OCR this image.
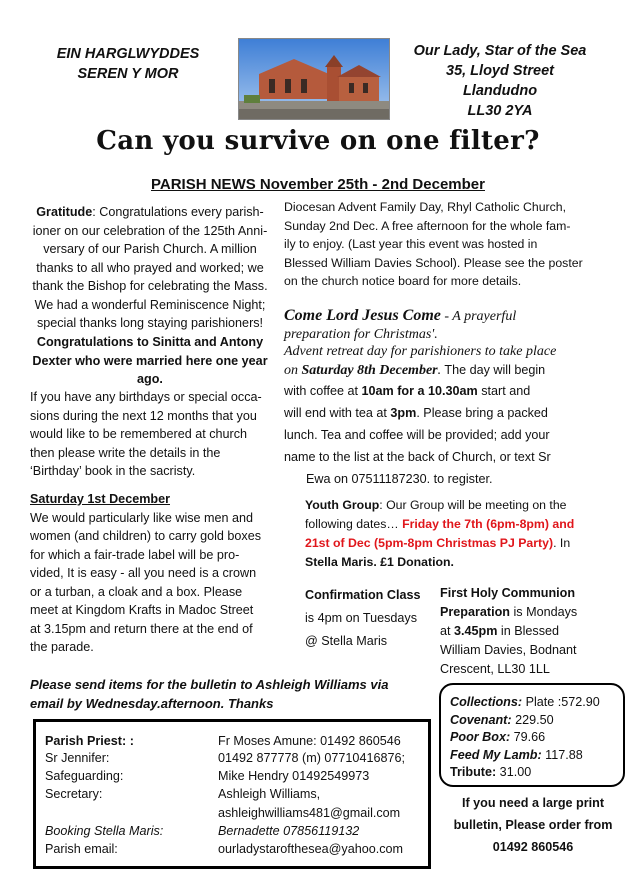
EIN HARGLWYDDES
SEREN Y MOR
Our Lady, Star of the Sea
35, Lloyd Street
Llandudno
LL30 2YA
Can you survive on one filter?
PARISH NEWS November 25th - 2nd December
Gratitude: Congratulations every parish-
ioner on our celebration of the 125th Anni-
versary of our Parish Church. A million
thanks to all who prayed and worked; we
thank the Bishop for celebrating the Mass.
We had a wonderful Reminiscence Night;
special thanks long staying parishioners!
Congratulations to Sinitta and Antony
Dexter who were married here one year
ago.
If you have any birthdays or special occa-
sions during the next 12 months that you
would like to be remembered at church
then please write the details in the
‘Birthday’ book in the sacristy.
Saturday 1st December
We would particularly like wise men and
women (and children) to carry gold boxes
for which a fair-trade label will be pro-
vided, It is easy - all you need is a crown
or a turban, a cloak and a box. Please
meet at Kingdom Krafts in Madoc Street
at 3.15pm and return there at the end of
the parade.
Diocesan Advent Family Day, Rhyl Catholic Church,
Sunday 2nd Dec. A free afternoon for the whole fam-
ily to enjoy. (Last year this event was hosted in
Blessed William Davies School). Please see the poster
on the church notice board for more details.
Come Lord Jesus Come - A prayerful
preparation for Christmas'.
Advent retreat day for parishioners to take place
on Saturday 8th December. The day will begin
with coffee at 10am for a 10.30am start and
will end with tea at 3pm. Please bring a packed
lunch. Tea and coffee will be provided; add your
name to the list at the back of Church, or text Sr
Ewa on 07511187230. to register.
Youth Group: Our Group will be meeting on the
following dates… Friday the 7th (6pm-8pm) and
21st of Dec (5pm-8pm Christmas PJ Party). In
Stella Maris. £1 Donation.
Confirmation Class
is 4pm on Tuesdays
@ Stella Maris
First Holy Communion
Preparation is Mondays
at 3.45pm in Blessed
William Davies, Bodnant
Crescent, LL30 1LL
Please send items for the bulletin to Ashleigh Williams via
email by Wednesday.afternoon. Thanks
Parish Priest: :	Fr Moses Amune: 01492 860546
Sr Jennifer:	01492 877778 (m) 07710416876;
Safeguarding:	Mike Hendry 01492549973
Secretary:	Ashleigh Williams,
ashleighwilliams481@gmail.com
Booking Stella Maris:	Bernadette 07856119132
Parish email:	ourladystarofthesea@yahoo.com
Collections: Plate :572.90
Covenant: 229.50
Poor Box: 79.66
Feed My Lamb: 117.88
Tribute: 31.00
If you need a large print
bulletin, Please order from
01492 860546
